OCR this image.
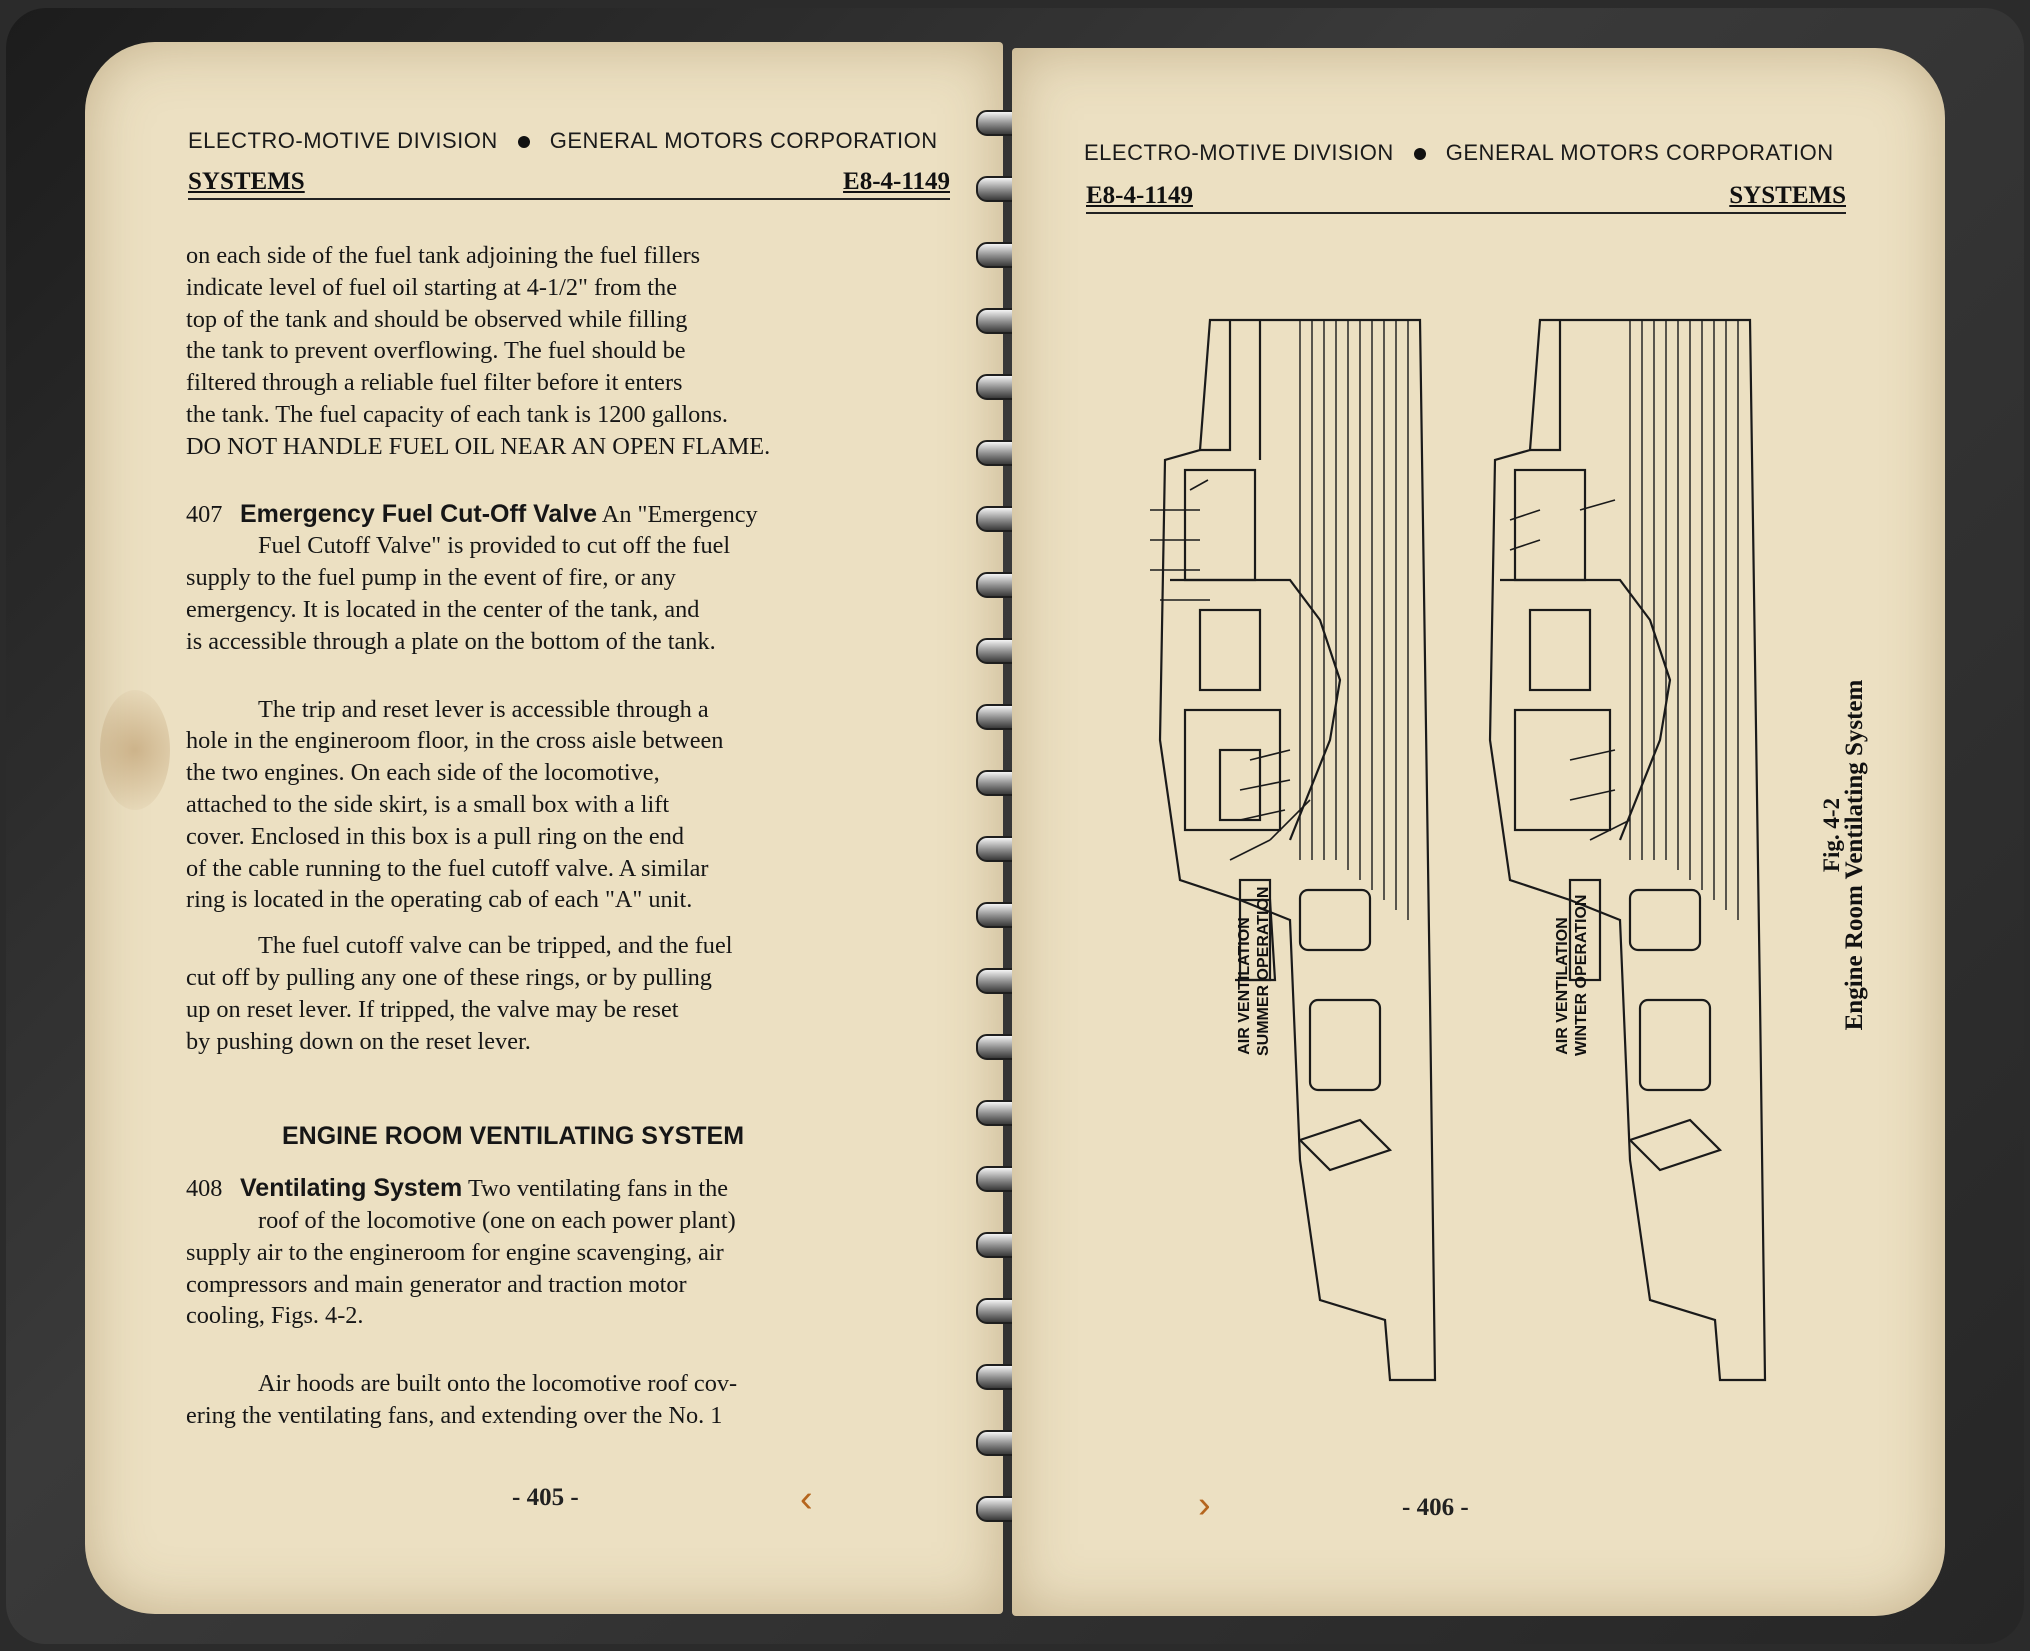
ELECTRO-MOTIVE DIVISION GENERAL MOTORS CORPORATION
SYSTEMS	E8-4-1149

on each side of the fuel tank adjoining the fuel fillers
indicate level of fuel oil starting at 4-1/2" from the
top of the tank and should be observed while filling
the tank to prevent overflowing. The fuel should be
filtered through a reliable fuel filter before it enters
the tank. The fuel capacity of each tank is 1200 gallons.
DO NOT HANDLE FUEL OIL NEAR AN OPEN FLAME.

407 Emergency Fuel Cut-Off Valve An "Emergency
Fuel Cutoff Valve" is provided to cut off the fuel
supply to the fuel pump in the event of fire, or any
emergency. It is located in the center of the tank, and
is accessible through a plate on the bottom of the tank.

The trip and reset lever is accessible through a
hole in the engineroom floor, in the cross aisle between
the two engines. On each side of the locomotive,
attached to the side skirt, is a small box with a lift
cover. Enclosed in this box is a pull ring on the end
of the cable running to the fuel cutoff valve. A similar
ring is located in the operating cab of each "A" unit.

The fuel cutoff valve can be tripped, and the fuel
cut off by pulling any one of these rings, or by pulling
up on reset lever. If tripped, the valve may be reset
by pushing down on the reset lever.

ENGINE ROOM VENTILATING SYSTEM

408 Ventilating System Two ventilating fans in the
roof of the locomotive (one on each power plant)
supply air to the engineroom for engine scavenging, air
compressors and main generator and traction motor
cooling, Figs. 4-2.

Air hoods are built onto the locomotive roof cov-
ering the ventilating fans, and extending over the No. 1

- 405 -	‹
ELECTRO-MOTIVE DIVISION GENERAL MOTORS CORPORATION
E8-4-1149	SYSTEMS
AIR VENTILATION SUMMER OPERATION	AIR VENTILATION WINTER OPERATION	Engine Room Ventilating System
Fig. 4-2
- 406 -
›
